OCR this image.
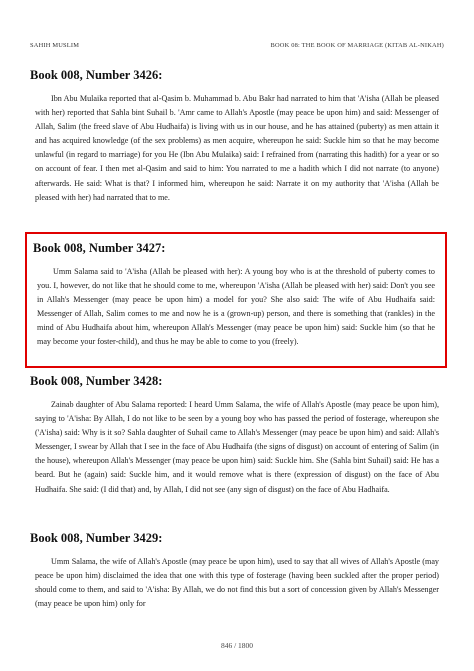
SAHIH MUSLIM	BOOK 08: THE BOOK OF MARRIAGE (KITAB AL-NIKAH)
Book 008, Number 3426:

Ibn Abu Mulaika reported that al-Qasim b. Muhammad b. Abu Bakr had narrated to him that 'A'isha (Allah be pleased with her) reported that Sahla bint Suhail b. 'Amr came to Allah's Apostle (may peace be upon him) and said: Messenger of Allah, Salim (the freed slave of Abu Hudhaifa) is living with us in our house, and he has attained (puberty) as men attain it and has acquired knowledge (of the sex problems) as men acquire, whereupon he said: Suckle him so that he may become unlawful (in regard to marriage) for you He (Ibn Abu Mulaika) said: I refrained from (narrating this hadith) for a year or so on account of fear. I then met al-Qasim and said to him: You narrated to me a hadith which I did not narrate (to anyone) afterwards. He said: What is that? I informed him, whereupon he said: Narrate it on my authority that 'A'isha (Allah be pleased with her) had narrated that to me.

Book 008, Number 3427:

Umm Salama said to 'A'isha (Allah be pleased with her): A young boy who is at the threshold of puberty comes to you. I, however, do not like that he should come to me, whereupon 'A'isha (Allah be pleased with her) said: Don't you see in Allah's Messenger (may peace be upon him) a model for you? She also said: The wife of Abu Hudhaifa said: Messenger of Allah, Salim comes to me and now he is a (grown-up) person, and there is something that (rankles) in the mind of Abu Hudhaifa about him, whereupon Allah's Messenger (may peace be upon him) said: Suckle him (so that he may become your foster-child), and thus he may be able to come to you (freely).

Book 008, Number 3428:

Zainab daughter of Abu Salama reported: I heard Umm Salama, the wife of Allah's Apostle (may peace be upon him), saying to 'A'isha: By Allah, I do not like to be seen by a young boy who has passed the period of fosterage, whereupon she ('A'isha) said: Why is it so? Sahla daughter of Suhail came to Allah's Messenger (may peace be upon him) and said: Allah's Messenger, I swear by Allah that I see in the face of Abu Hudhaifa (the signs of disgust) on account of entering of Salim (in the house), whereupon Allah's Messenger (may peace be upon him) said: Suckle him. She (Sahla bint Suhail) said: He has a beard. But he (again) said: Suckle him, and it would remove what is there (expression of disgust) on the face of Abu Hudhaifa. She said: (I did that) and, by Allah, I did not see (any sign of disgust) on the face of Abu Hadhaifa.

Book 008, Number 3429:

Umm Salama, the wife of Allah's Apostle (may peace be upon him), used to say that all wives of Allah's Apostle (may peace be upon him) disclaimed the idea that one with this type of fosterage (having been suckled after the proper period) should come to them, and said to 'A'isha: By Allah, we do not find this but a sort of concession given by Allah's Messenger (may peace be upon him) only for

846 / 1800
